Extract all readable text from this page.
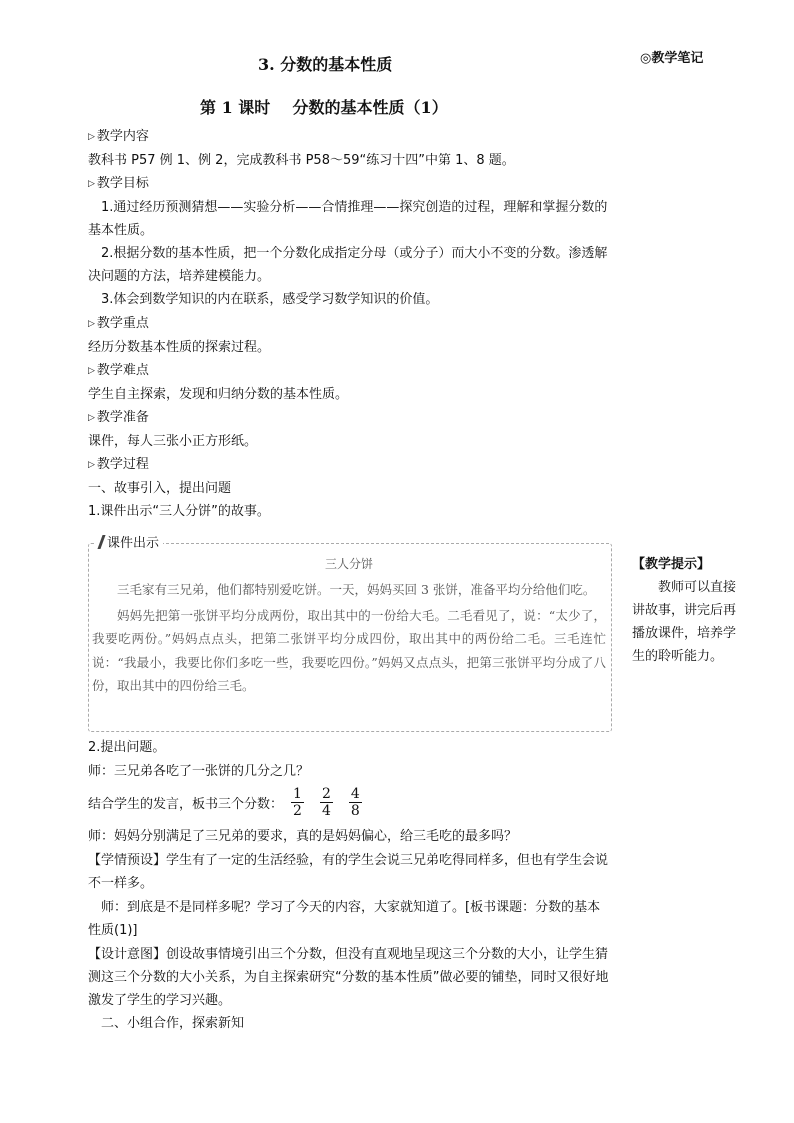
3. 分数的基本性质	◎教学笔记
第 1 课时    分数的基本性质（1）
▷ 教学内容
教科书 P57 例 1、例 2，完成教科书 P58～59“练习十四”中第 1、8 题。
▷ 教学目标

1.通过经历预测猜想——实验分析——合情推理——探究创造的过程，理解和掌握分数的基本性质。

2.根据分数的基本性质，把一个分数化成指定分母（或分子）而大小不变的分数。渗透解决问题的方法，培养建模能力。

3.体会到数学知识的内在联系，感受学习数学知识的价值。
▷ 教学重点
经历分数基本性质的探索过程。
▷ 教学难点
学生自主探索，发现和归纳分数的基本性质。
▷ 教学准备
课件，每人三张小正方形纸。
▷ 教学过程
一、故事引入，提出问题
1.课件出示“三人分饼”的故事。
课件出示
三人分饼

三毛家有三兄弟，他们都特别爱吃饼。一天，妈妈买回 3 张饼，准备平均分给他们吃。

妈妈先把第一张饼平均分成两份，取出其中的一份给大毛。二毛看见了，说：“太少了，我要吃两份。”妈妈点点头，把第二张饼平均分成四份，取出其中的两份给二毛。三毛连忙说：“我最小，我要比你们多吃一些，我要吃四份。”妈妈又点点头，把第三张饼平均分成了八份，取出其中的四份给三毛。

【教学提示】
教师可以直接讲故事，讲完后再播放课件，培养学生的聆听能力。
2.提出问题。
师：三兄弟各吃了一张饼的几分之几？
结合学生的发言，板书三个分数： $\frac{1}{2} \frac{2}{4} \frac{4}{8}$
师：妈妈分别满足了三兄弟的要求，真的是妈妈偏心，给三毛吃的最多吗？

【学情预设】学生有了一定的生活经验，有的学生会说三兄弟吃得同样多，但也有学生会说不一样多。

师：到底是不是同样多呢？学习了今天的内容，大家就知道了。[板书课题：分数的基本性质(1)]

【设计意图】创设故事情境引出三个分数，但没有直观地呈现这三个分数的大小，让学生猜测这三个分数的大小关系，为自主探索研究“分数的基本性质”做必要的铺垫，同时又很好地激发了学生的学习兴趣。

二、小组合作，探索新知
